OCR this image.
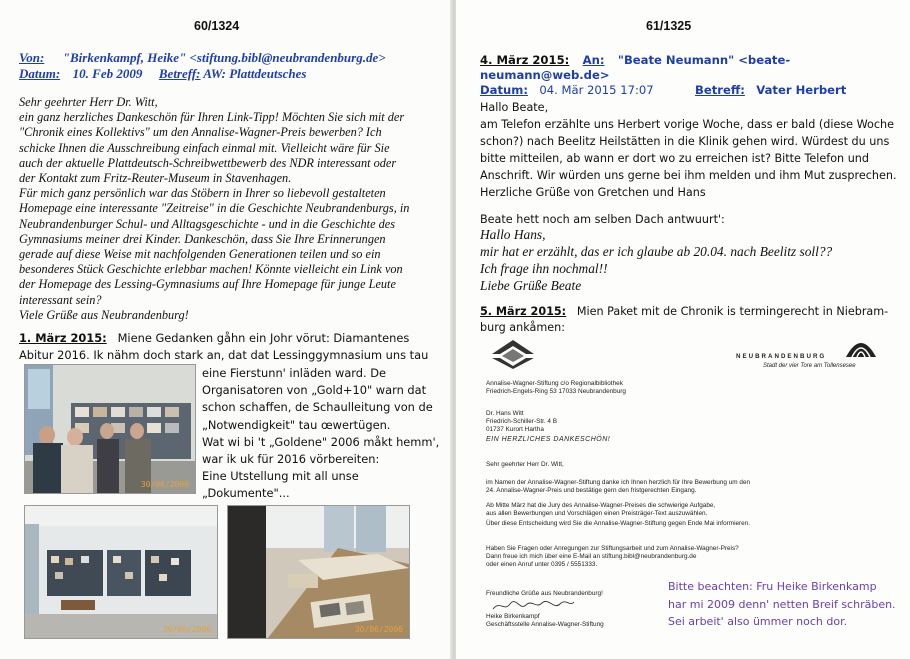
60/1324
Von: "Birkenkampf, Heike" <stiftung.bibl@neubrandenburg.de>
Datum: 10. Feb 2009 Betreff: AW: Plattdeutsches

Sehr geehrter Herr Dr. Witt,

ein ganz herzliches Dankeschön für Ihren Link-Tipp! Möchten Sie sich mit der

"Chronik eines Kollektivs" um den Annalise-Wagner-Preis bewerben? Ich

schicke Ihnen die Ausschreibung einfach einmal mit. Vielleicht wäre für Sie

auch der aktuelle Plattdeutsch-Schreibwettbewerb des NDR interessant oder

der Kontakt zum Fritz-Reuter-Museum in Stavenhagen.

Für mich ganz persönlich war das Stöbern in Ihrer so liebevoll gestalteten

Homepage eine interessante "Zeitreise" in die Geschichte Neubrandenburgs, in

Neubrandenburger Schul- und Alltagsgeschichte - und in die Geschichte des

Gymnasiums meiner drei Kinder. Dankeschön, dass Sie Ihre Erinnerungen

gerade auf diese Weise mit nachfolgenden Generationen teilen und so ein

besonderes Stück Geschichte erlebbar machen! Könnte vielleicht ein Link von

der Homepage des Lessing-Gymnasiums auf Ihre Homepage für junge Leute

interessant sein?

Viele Grüße aus Neubrandenburg!

1. März 2015: Miene Gedanken gåhn ein Johr vörut: Diamantenes

Abitur 2016. Ik nähm doch stark an, dat dat Lessinggymnasium uns tau

eine Fierstunn' inläden ward. De

Organisatoren von „Gold+10" warn dat

schon schaffen, de Schaulleitung von de

„Notwendigkeit" tau œwertügen.

Wat wi bi 't „Goldene" 2006 måkt hemm',

war ik uk für 2016 vörbereiten:

Eine Utstellung mit all unse

„Dokumente"...

30/06/2006
30/06/2006	30/06/2006
61/1325
4. März 2015: An: "Beate Neumann" <beate-neumann@web.de>
Datum: 04. Mär 2015 17:07	Betreff: Vater Herbert

Hallo Beate,

am Telefon erzählte uns Herbert vorige Woche, dass er bald (diese Woche

schon?) nach Beelitz Heilstätten in die Klinik gehen wird. Würdest du uns

bitte mitteilen, ab wann er dort wo zu erreichen ist? Bitte Telefon und

Anschrift. Wir würden uns gerne bei ihm melden und ihm Mut zusprechen.

Herzliche Grüße von Gretchen und Hans

Beate hett noch am selben Dach antwuurt':

Hallo Hans,

mir hat er erzählt, das er ich glaube ab 20.04. nach Beelitz soll??

Ich frage ihn nochmal!!

Liebe Grüße Beate

5. März 2015: Mien Paket mit de Chronik is termingerecht in Niebram-

burg ankåmen:

NEUBRANDENBURG
Stadt der vier Tore am Tollensesee
Annalise-Wagner-Stiftung c/o Regionalbibliothek
Friedrich-Engels-Ring 53 17033 Neubrandenburg
Dr. Hans Witt
Friedrich-Schiller-Str. 4 B
01737 Kurort Hartha
EIN HERZLICHES DANKESCHÖN!
Sehr geehrter Herr Dr. Witt,
im Namen der Annalise-Wagner-Stiftung danke ich Ihnen herzlich für Ihre Bewerbung um den
24. Annalise-Wagner-Preis und bestätige gern den fristgerechten Eingang.
Ab Mitte März hat die Jury des Annalise-Wagner-Preises die schwierige Aufgabe,
aus allen Bewerbungen und Vorschlägen einen Preisträger-Text auszuwählen.
Über diese Entscheidung wird Sie die Annalise-Wagner-Stiftung gegen Ende Mai informieren.
Haben Sie Fragen oder Anregungen zur Stiftungsarbeit und zum Annalise-Wagner-Preis?
Dann freue ich mich über eine E-Mail an stiftung.bibl@neubrandenburg.de
oder einen Anruf unter 0395 / 5551333.
Freundliche Grüße aus Neubrandenburg!
Heike Birkenkampf
Geschäftsstelle Annalise-Wagner-Stiftung

Bitte beachten: Fru Heike Birkenkamp

har mi 2009 denn' netten Breif schräben.

Sei arbeit' also ümmer noch dor.
